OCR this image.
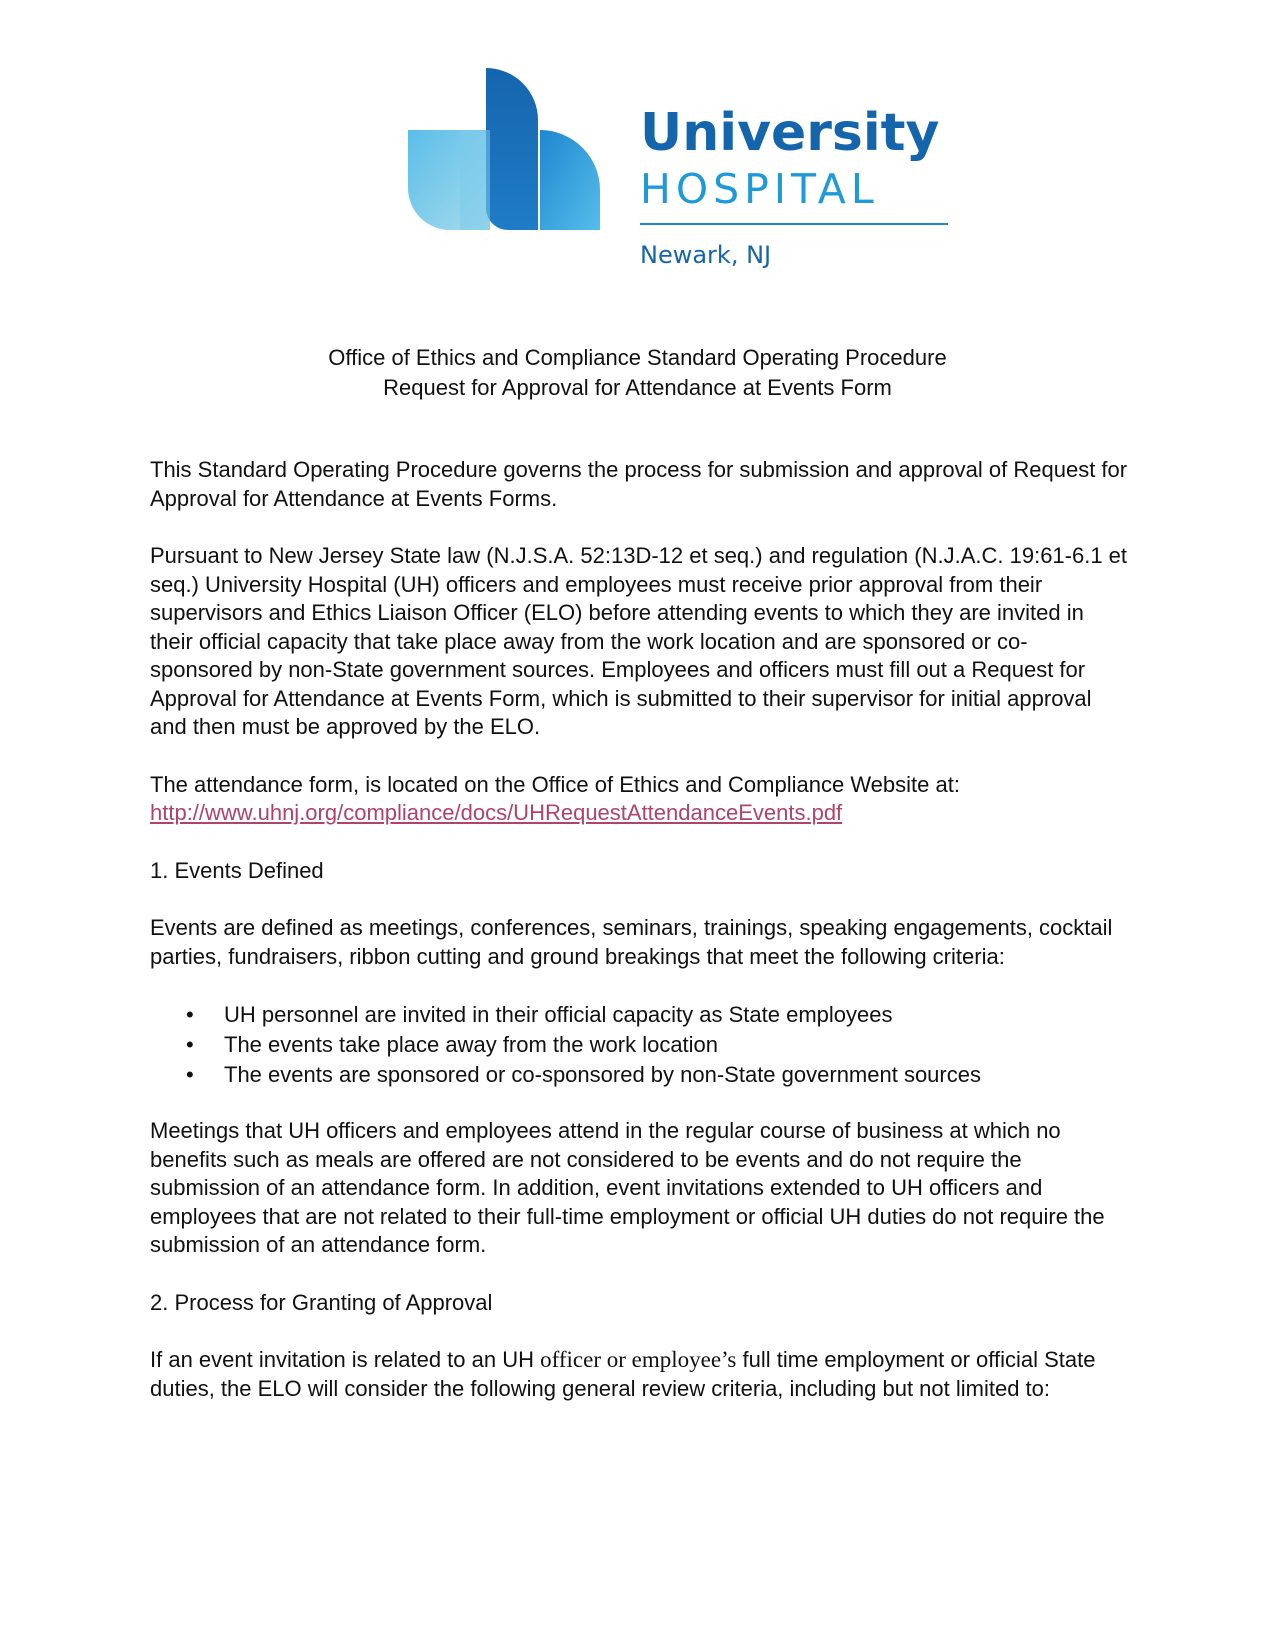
University
HOSPITAL
Newark, NJ
Office of Ethics and Compliance Standard Operating Procedure
Request for Approval for Attendance at Events Form

This Standard Operating Procedure governs the process for submission and approval of Request for Approval for Attendance at Events Forms.

Pursuant to New Jersey State law (N.J.S.A. 52:13D-12 et seq.) and regulation (N.J.A.C. 19:61-6.1 et seq.) University Hospital (UH) officers and employees must receive prior approval from their supervisors and Ethics Liaison Officer (ELO) before attending events to which they are invited in their official capacity that take place away from the work location and are sponsored or co-sponsored by non-State government sources. Employees and officers must fill out a Request for Approval for Attendance at Events Form, which is submitted to their supervisor for initial approval and then must be approved by the ELO.

The attendance form, is located on the Office of Ethics and Compliance Website at:
http://www.uhnj.org/compliance/docs/UHRequestAttendanceEvents.pdf

1. Events Defined

Events are defined as meetings, conferences, seminars, trainings, speaking engagements, cocktail parties, fundraisers, ribbon cutting and ground breakings that meet the following criteria:

• UH personnel are invited in their official capacity as State employees
• The events take place away from the work location
• The events are sponsored or co-sponsored by non-State government sources

Meetings that UH officers and employees attend in the regular course of business at which no benefits such as meals are offered are not considered to be events and do not require the submission of an attendance form. In addition, event invitations extended to UH officers and employees that are not related to their full-time employment or official UH duties do not require the submission of an attendance form.

2. Process for Granting of Approval

If an event invitation is related to an UH officer or employee’s full time employment or official State duties, the ELO will consider the following general review criteria, including but not limited to:
